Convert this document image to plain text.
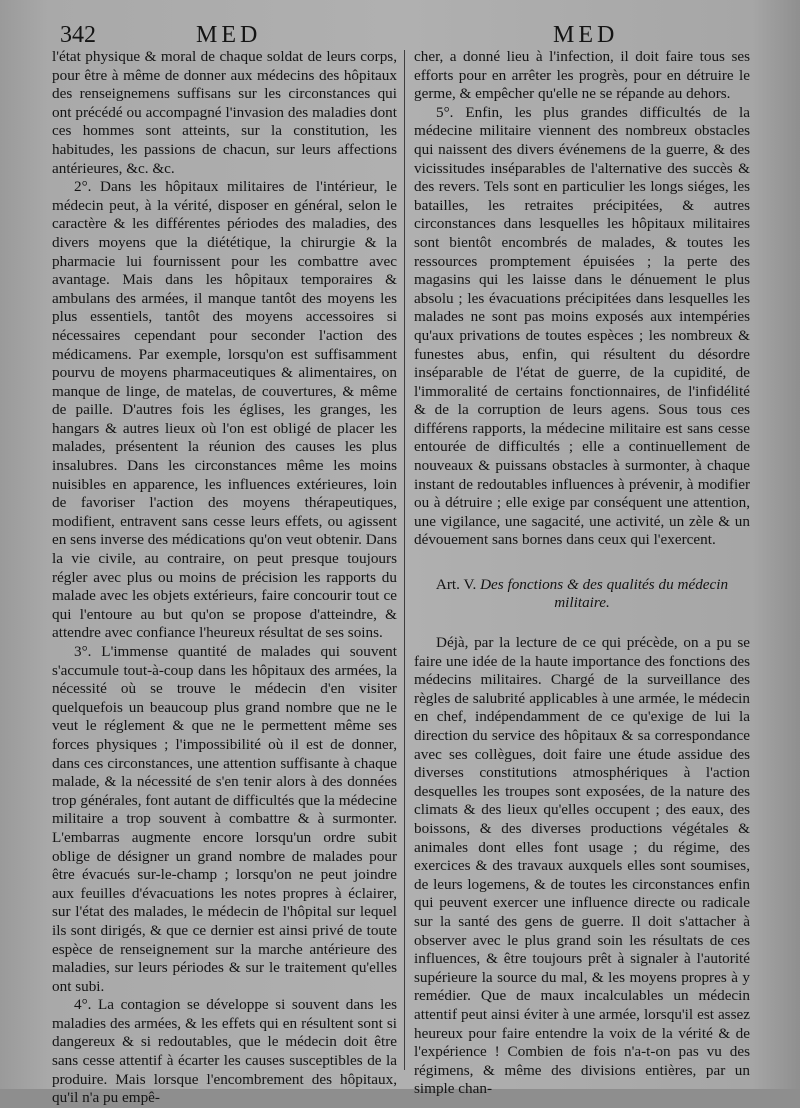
342	MED	MED

l'état physique & moral de chaque soldat de leurs corps, pour être à même de donner aux médecins des hôpitaux des renseignemens suffisans sur les circonstances qui ont précédé ou accompagné l'invasion des maladies dont ces hommes sont atteints, sur la constitution, les habitudes, les passions de chacun, sur leurs affections antérieures, &c. &c.

2°. Dans les hôpitaux militaires de l'intérieur, le médecin peut, à la vérité, disposer en général, selon le caractère & les différentes périodes des maladies, des divers moyens que la diététique, la chirurgie & la pharmacie lui fournissent pour les combattre avec avantage. Mais dans les hôpitaux temporaires & ambulans des armées, il manque tantôt des moyens les plus essentiels, tantôt des moyens accessoires si nécessaires cependant pour seconder l'action des médicamens. Par exemple, lorsqu'on est suffisamment pourvu de moyens pharmaceutiques & alimentaires, on manque de linge, de matelas, de couvertures, & même de paille. D'autres fois les églises, les granges, les hangars & autres lieux où l'on est obligé de placer les malades, présentent la réunion des causes les plus insalubres. Dans les circonstances même les moins nuisibles en apparence, les influences extérieures, loin de favoriser l'action des moyens thérapeutiques, modifient, entravent sans cesse leurs effets, ou agissent en sens inverse des médications qu'on veut obtenir. Dans la vie civile, au contraire, on peut presque toujours régler avec plus ou moins de précision les rapports du malade avec les objets extérieurs, faire concourir tout ce qui l'entoure au but qu'on se propose d'atteindre, & attendre avec confiance l'heureux résultat de ses soins.

3°. L'immense quantité de malades qui souvent s'accumule tout-à-coup dans les hôpitaux des armées, la nécessité où se trouve le médecin d'en visiter quelquefois un beaucoup plus grand nombre que ne le veut le réglement & que ne le permettent même ses forces physiques ; l'impossibilité où il est de donner, dans ces circonstances, une attention suffisante à chaque malade, & la nécessité de s'en tenir alors à des données trop générales, font autant de difficultés que la médecine militaire a trop souvent à combattre & à surmonter. L'embarras augmente encore lorsqu'un ordre subit oblige de désigner un grand nombre de malades pour être évacués sur-le-champ ; lorsqu'on ne peut joindre aux feuilles d'évacuations les notes propres à éclairer, sur l'état des malades, le médecin de l'hôpital sur lequel ils sont dirigés, & que ce dernier est ainsi privé de toute espèce de renseignement sur la marche antérieure des maladies, sur leurs périodes & sur le traitement qu'elles ont subi.

4°. La contagion se développe si souvent dans les maladies des armées, & les effets qui en résultent sont si dangereux & si redoutables, que le médecin doit être sans cesse attentif à écarter les causes susceptibles de la produire. Mais lorsque l'encombrement des hôpitaux, qu'il n'a pu empê-

cher, a donné lieu à l'infection, il doit faire tous ses efforts pour en arrêter les progrès, pour en détruire le germe, & empêcher qu'elle ne se répande au dehors.

5°. Enfin, les plus grandes difficultés de la médecine militaire viennent des nombreux obstacles qui naissent des divers événemens de la guerre, & des vicissitudes inséparables de l'alternative des succès & des revers. Tels sont en particulier les longs siéges, les batailles, les retraites précipitées, & autres circonstances dans lesquelles les hôpitaux militaires sont bientôt encombrés de malades, & toutes les ressources promptement épuisées ; la perte des magasins qui les laisse dans le dénuement le plus absolu ; les évacuations précipitées dans lesquelles les malades ne sont pas moins exposés aux intempéries qu'aux privations de toutes espèces ; les nombreux & funestes abus, enfin, qui résultent du désordre inséparable de l'état de guerre, de la cupidité, de l'immoralité de certains fonctionnaires, de l'infidélité & de la corruption de leurs agens. Sous tous ces différens rapports, la médecine militaire est sans cesse entourée de difficultés ; elle a continuellement de nouveaux & puissans obstacles à surmonter, à chaque instant de redoutables influences à prévenir, à modifier ou à détruire ; elle exige par conséquent une attention, une vigilance, une sagacité, une activité, un zèle & un dévouement sans bornes dans ceux qui l'exercent.

Art. V. Des fonctions & des qualités du médecin militaire.

Déjà, par la lecture de ce qui précède, on a pu se faire une idée de la haute importance des fonctions des médecins militaires. Chargé de la surveillance des règles de salubrité applicables à une armée, le médecin en chef, indépendamment de ce qu'exige de lui la direction du service des hôpitaux & sa correspondance avec ses collègues, doit faire une étude assidue des diverses constitutions atmosphériques à l'action desquelles les troupes sont exposées, de la nature des climats & des lieux qu'elles occupent ; des eaux, des boissons, & des diverses productions végétales & animales dont elles font usage ; du régime, des exercices & des travaux auxquels elles sont soumises, de leurs logemens, & de toutes les circonstances enfin qui peuvent exercer une influence directe ou radicale sur la santé des gens de guerre. Il doit s'attacher à observer avec le plus grand soin les résultats de ces influences, & être toujours prêt à signaler à l'autorité supérieure la source du mal, & les moyens propres à y remédier. Que de maux incalculables un médecin attentif peut ainsi éviter à une armée, lorsqu'il est assez heureux pour faire entendre la voix de la vérité & de l'expérience ! Combien de fois n'a-t-on pas vu des régimens, & même des divisions entières, par un simple chan-
